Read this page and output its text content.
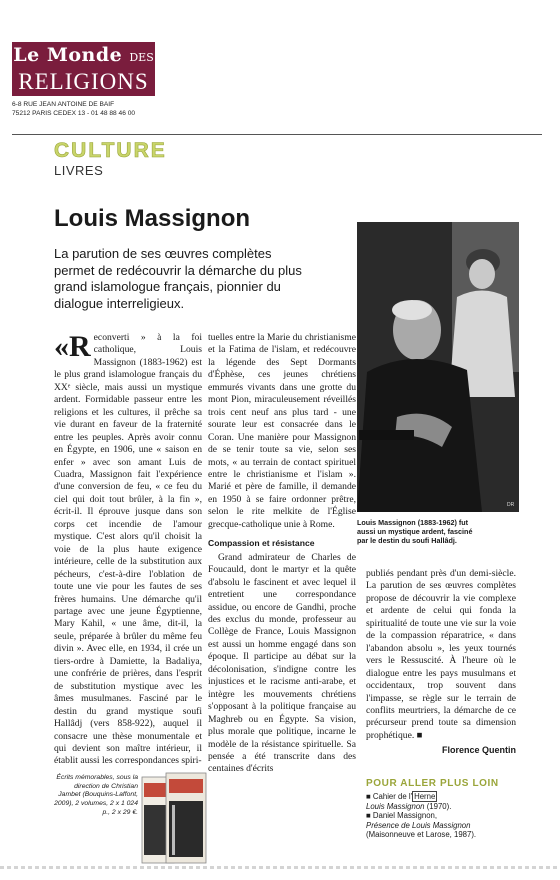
Le Monde DES
RELIGIONS
6-8 RUE JEAN ANTOINE DE BAIF
75212 PARIS CEDEX 13 - 01 48 88 46 00
CULTURE
LIVRES
Louis Massignon
La parution de ses œuvres complètes permet de redécouvrir la démarche du plus grand islamologue français, pionnier du dialogue interreligieux.
«Reconverti » à la foi catholique, Louis Massignon (1883-1962) est le plus grand islamologue français du XXᵉ siècle, mais aussi un mystique ardent. Formidable passeur entre les religions et les cultures, il prêche sa vie durant en faveur de la fraternité entre les peuples. Après avoir connu en Égypte, en 1906, une « saison en enfer » avec son amant Luis de Cuadra, Massignon fait l'expérience d'une conversion de feu, « ce feu du ciel qui doit tout brûler, à la fin », écrit-il. Il éprouve jusque dans son corps cet incendie de l'amour mystique. C'est alors qu'il choisit la voie de la plus haute exigence intérieure, celle de la substitution aux pécheurs, c'est-à-dire l'oblation de toute une vie pour les fautes de ses frères humains. Une démarche qu'il partage avec une jeune Égyptienne, Mary Kahil, « une âme, dit-il, la seule, préparée à brûler du même feu divin ». Avec elle, en 1934, il crée un tiers-ordre à Damiette, la Badaliya, une confrérie de prières, dans l'esprit de substitution mystique avec les âmes musulmanes. Fasciné par le destin du grand mystique soufi Hallâdj (vers 858-922), auquel il consacre une thèse monumentale et qui devient son maître intérieur, il établit aussi les correspondances spiri-
tuelles entre la Marie du christianisme et la Fatima de l'islam, et redécouvre la légende des Sept Dormants d'Éphèse, ces jeunes chrétiens emmurés vivants dans une grotte du mont Pion, miraculeusement réveillés trois cent neuf ans plus tard - une sourate leur est consacrée dans le Coran. Une manière pour Massignon de se tenir toute sa vie, selon ses mots, « au terrain de contact spirituel entre le christianisme et l'islam ». Marié et père de famille, il demande en 1950 à se faire ordonner prêtre, selon le rite melkite de l'Église grecque-catholique unie à Rome.
Compassion et résistance
Grand admirateur de Charles de Foucauld, dont le martyr et la quête d'absolu le fascinent et avec lequel il entretient une correspondance assidue, ou encore de Gandhi, proche des exclus du monde, professeur au Collège de France, Louis Massignon est aussi un homme engagé dans son époque. Il participe au débat sur la décolonisation, s'indigne contre les injustices et le racisme anti-arabe, et intègre les mouvements chrétiens s'opposant à la politique française au Maghreb ou en Égypte. Sa vision, plus morale que politique, incarne le modèle de la résistance spirituelle. Sa pensée a été transcrite dans des centaines d'écrits
DR
Louis Massignon (1883-1962) fut aussi un mystique ardent, fasciné par le destin du soufi Hallâdj.
publiés pendant près d'un demi-siècle. La parution de ses œuvres complètes propose de découvrir la vie complexe et ardente de celui qui fonda la spiritualité de toute une vie sur la voie de la compassion réparatrice, « dans l'abandon absolu », les yeux tournés vers le Ressuscité. À l'heure où le dialogue entre les pays musulmans et occidentaux, trop souvent dans l'impasse, se règle sur le terrain de conflits meurtriers, la démarche de ce précurseur prend toute sa dimension prophétique. ■
Florence Quentin
Écrits mémorables, sous la direction de Christian Jambet (Bouquins-Laffont, 2009), 2 volumes, 2 x 1 024 p., 2 x 29 €.
POUR ALLER PLUS LOIN
■ Cahier de l' Herne
Louis Massignon (1970).
■ Daniel Massignon,
Présence de Louis Massignon
(Maisonneuve et Larose, 1987).
